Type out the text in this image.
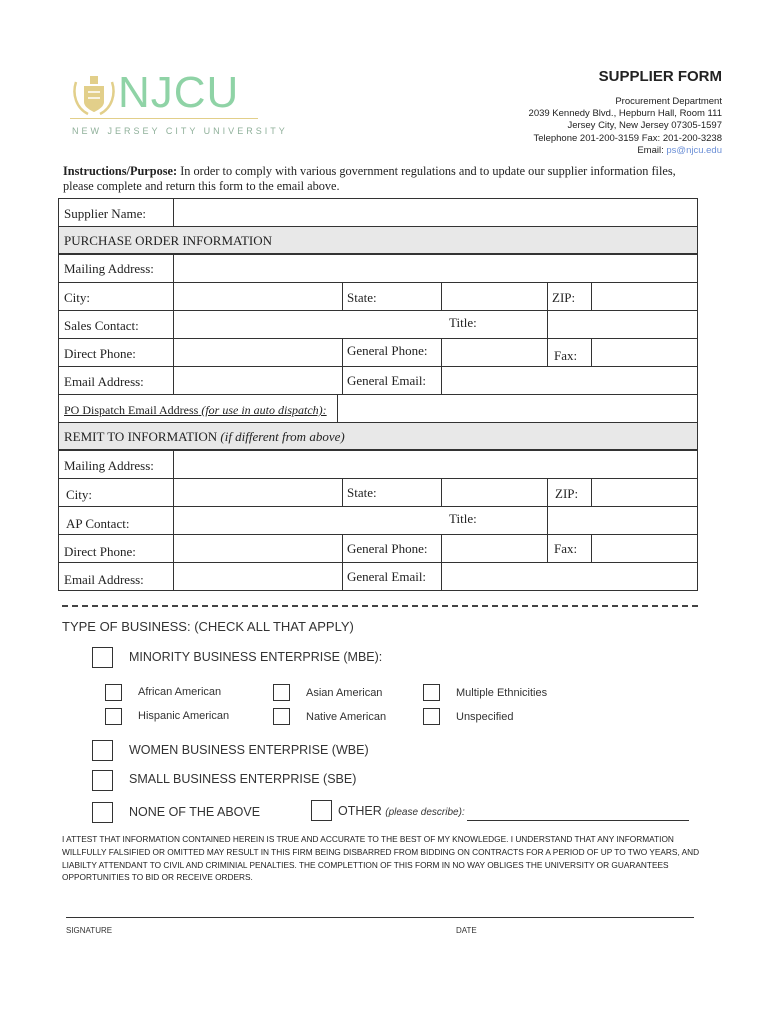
NJCU
NEW JERSEY CITY UNIVERSITY
SUPPLIER FORM
Procurement Department
2039 Kennedy Blvd., Hepburn Hall, Room 111
Jersey City, New Jersey 07305-1597
Telephone 201-200-3159 Fax: 201-200-3238
Email: ps@njcu.edu
Instructions/Purpose: In order to comply with various government regulations and to update our supplier information files, please complete and return this form to the email above.
Supplier Name:
PURCHASE ORDER INFORMATION
Mailing Address:
City:	State:	ZIP:
Sales Contact:	Title:
Direct Phone:	General Phone:	Fax:
Email Address:	General Email:
PO Dispatch Email Address (for use in auto dispatch):
REMIT TO INFORMATION (if different from above)
Mailing Address:
City:	State:	ZIP:
AP Contact:	Title:
Direct Phone:	General Phone:	Fax:
Email Address:	General Email:
TYPE OF BUSINESS: (CHECK ALL THAT APPLY)
MINORITY BUSINESS ENTERPRISE (MBE):
African American	Asian American	Multiple Ethnicities
Hispanic American	Native American	Unspecified
WOMEN BUSINESS ENTERPRISE (WBE)
SMALL BUSINESS ENTERPRISE (SBE)
NONE OF THE ABOVE	OTHER (please describe):
I ATTEST THAT INFORMATION CONTAINED HEREIN IS TRUE AND ACCURATE TO THE BEST OF MY KNOWLEDGE. I UNDERSTAND THAT ANY INFORMATION WILLFULLY FALSIFIED OR OMITTED MAY RESULT IN THIS FIRM BEING DISBARRED FROM BIDDING ON CONTRACTS FOR A PERIOD OF UP TO TWO YEARS, AND LIABILTY ATTENDANT TO CIVIL AND CRIMINIAL PENALTIES. THE COMPLETTION OF THIS FORM IN NO WAY OBLIGES THE UNIVERSITY OR GUARANTEES OPPORTUNITIES TO BID OR RECEIVE ORDERS.
SIGNATURE	DATE
